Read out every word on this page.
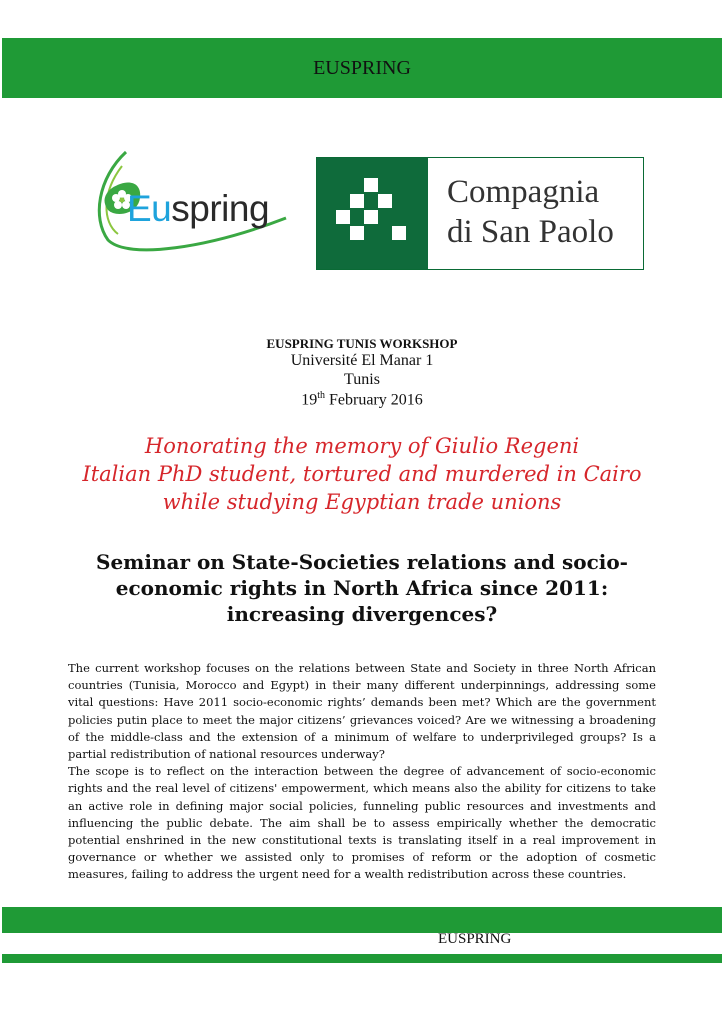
EUSPRING
Euspring	Compagnia
di San Paolo
EUSPRING TUNIS WORKSHOP
Université El Manar 1
Tunis
19th February 2016
Honorating the memory of Giulio Regeni
Italian PhD student, tortured and murdered in Cairo
while studying Egyptian trade unions
Seminar on State-Societies relations and socio-
economic rights in North Africa since 2011:
increasing divergences?

The current workshop focuses on the relations between State and Society in three North African countries (Tunisia, Morocco and Egypt) in their many different underpinnings, addressing some vital questions: Have 2011 socio-economic rights’ demands been met? Which are the government policies putin place to meet the major citizens’ grievances voiced? Are we witnessing a broadening of the middle-class and the extension of a minimum of welfare to underprivileged groups? Is a partial redistribution of national resources underway?

The scope is to reflect on the interaction between the degree of advancement of socio-economic rights and the real level of citizens' empowerment, which means also the ability for citizens to take an active role in defining major social policies, funneling public resources and investments and influencing the public debate. The aim shall be to assess empirically whether the democratic potential enshrined in the new constitutional texts is translating itself in a real improvement in governance or whether we assisted only to promises of reform or the adoption of cosmetic measures, failing to address the urgent need for a wealth redistribution across these countries.

EUSPRING
